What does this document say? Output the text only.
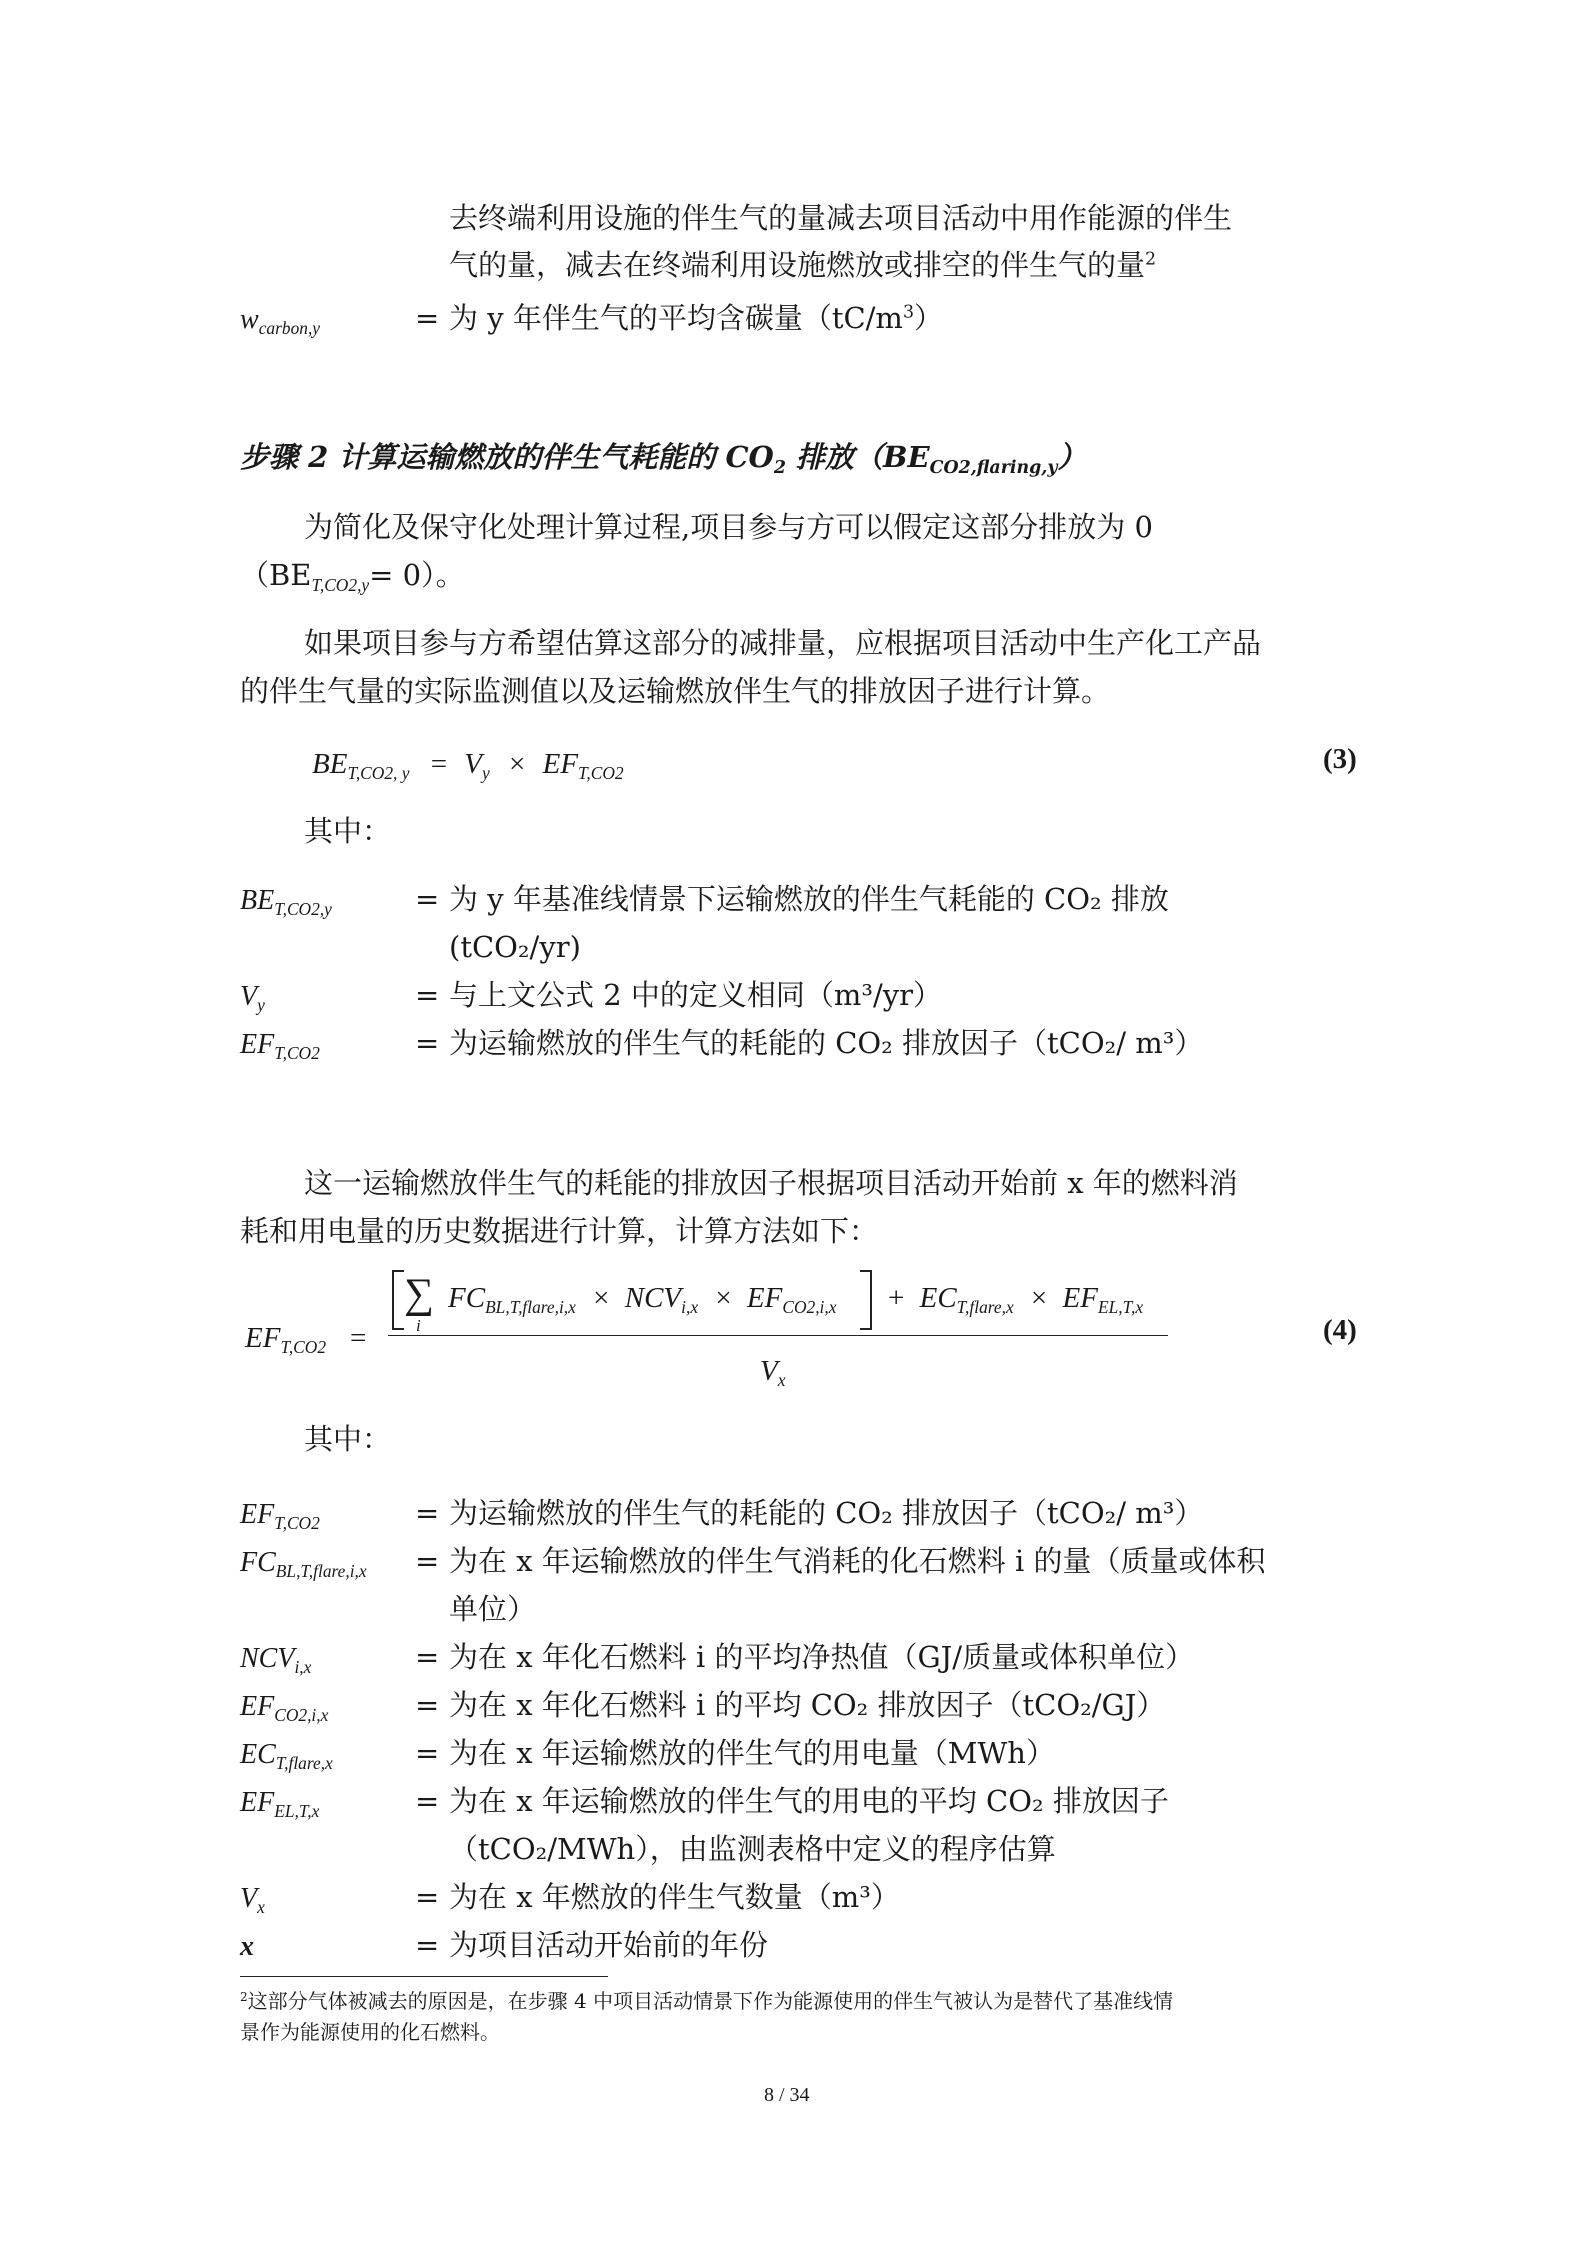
去终端利用设施的伴生气的量减去项目活动中用作能源的伴生
气的量，减去在终端利用设施燃放或排空的伴生气的量$^2$
$w_{carbon,y}$	= 为 y 年伴生气的平均含碳量$(tC/m^3)$
步骤 2 计算运输燃放的伴生气耗能的 $CO_2$ 排放$(BE_{CO2,flaring,y})$
为简化及保守化处理计算过程,项目参与方可以假定这部分排放为 0
$(BE_{T,CO2,y}= 0)$。
如果项目参与方希望估算这部分的减排量，应根据项目活动中生产化工产品
的伴生气量的实际监测值以及运输燃放伴生气的排放因子进行计算。
$BE_{T,CO2, y} = V_y \times EF_{T,CO2}$	(3)
其中：
$BE_{T,CO2,y}$	= 为 y 年基准线情景下运输燃放的伴生气耗能的 CO₂ 排放
(tCO₂/yr)
$V_y$	= 与上文公式 2 中的定义相同（m³/yr）
$EF_{T,CO2}$	= 为运输燃放的伴生气的耗能的 CO₂ 排放因子（tCO₂/ m³）
这一运输燃放伴生气的耗能的排放因子根据项目活动开始前 x 年的燃料消
耗和用电量的历史数据进行计算，计算方法如下：
$EF_{T,CO2}$ =
∑
i
$FC_{BL,T,flare,i,x} \times NCV_{i,x} \times EF_{CO2,i,x} + EC_{T,flare,x} \times EF_{EL,T,x}$
$V_x$
(4)
其中：
$EF_{T,CO2}$	= 为运输燃放的伴生气的耗能的 CO₂ 排放因子（tCO₂/ m³）
$FC_{BL,T,flare,i,x}$ = 为在 x 年运输燃放的伴生气消耗的化石燃料 i 的量（质量或体积
单位）
$NCV_{i,x}$	= 为在 x 年化石燃料 i 的平均净热值（GJ/质量或体积单位）
$EF_{CO2,i,x}$	= 为在 x 年化石燃料 i 的平均 CO₂ 排放因子（tCO₂/GJ）
$EC_{T,flare,x}$	= 为在 x 年运输燃放的伴生气的用电量（MWh）
$EF_{EL,T,x}$	= 为在 x 年运输燃放的伴生气的用电的平均 CO₂ 排放因子
（tCO₂/MWh），由监测表格中定义的程序估算
$V_x$	= 为在 x 年燃放的伴生气数量（m³）
x	= 为项目活动开始前的年份
$^2$这部分气体被减去的原因是，在步骤 4 中项目活动情景下作为能源使用的伴生气被认为是替代了基准线情
景作为能源使用的化石燃料。
8 / 34
